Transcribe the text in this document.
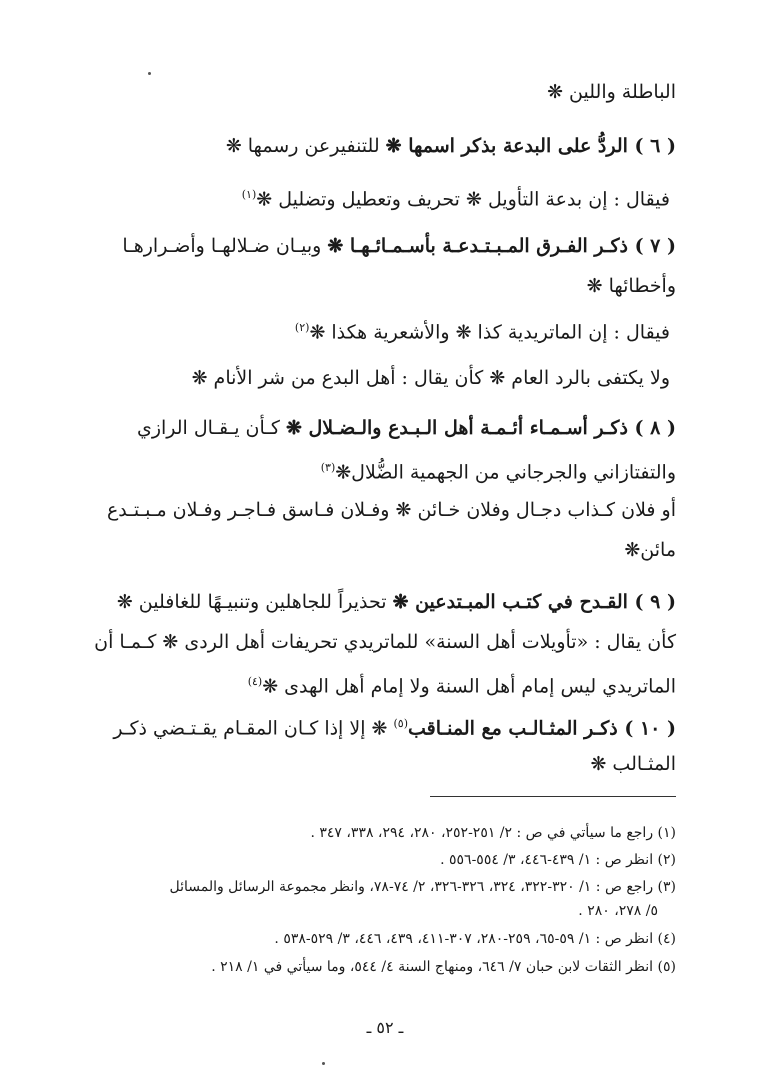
الباطلة واللين ❋
( ٦ ) الردُّ على البدعة بذكر اسمها ❋ للتنفيرعن رسمها ❋
فيقال : إن بدعة التأويل ❋ تحريف وتعطيل وتضليل ❋$^{(١)}$
( ٧ ) ذكـر الفـرق المـبـتـدعـة بأسـمـائـهـا ❋ وبيـان ضـلالهـا وأضـرارهـا
وأخطائها ❋
فيقال : إن الماتريدية كذا ❋ والأشعرية هكذا ❋$^{(٢)}$
ولا يكتفى بالرد العام ❋ كأن يقال : أهل البدع من شر الأنام ❋
( ٨ ) ذكـر أسـمـاء أئـمـة أهل الـبـدع والـضـلال ❋ كـأن يـقـال الرازي
والتفتازاني والجرجاني من الجهمية الضُّلال❋$^{(٣)}$
أو فلان كـذاب دجـال وفلان خـائن ❋ وفـلان فـاسق فـاجـر وفـلان مـبـتـدع
مائن❋
( ٩ ) القـدح في كتـب المبـتدعين ❋ تحذيراً للجاهلين وتنبيـهًا للغافلين ❋
كأن يقال : «تأويلات أهل السنة» للماتريدي تحريفات أهل الردى ❋ كـمـا أن
الماتريدي ليس إمام أهل السنة ولا إمام أهل الهدى ❋$^{(٤)}$
( ١٠ ) ذكـر المثـالـب مع المنـاقب$^{(٥)}$ ❋ إلا إذا كـان المقـام يقـتـضي ذكـر
المثـالب ❋
(١) راجع ما سيأتي في ص : ٢/ ٢٥١-٢٥٢، ٢٨٠، ٢٩٤، ٣٣٨، ٣٤٧ .
(٢) انظر ص : ١/ ٤٣٩-٤٤٦، ٣/ ٥٥٤-٥٥٦ .
(٣) راجع ص : ١/ ٣٢٠-٣٢٢، ٣٢٤، ٣٢٦-٣٢٦، ٢/ ٧٤-٧٨، وانظر مجموعة الرسائل والمسائل
٥/ ٢٧٨، ٢٨٠ .
(٤) انظر ص : ١/ ٥٩-٦٥، ٢٥٩-٢٨٠، ٣٠٧-٤١١، ٤٣٩، ٤٤٦، ٣/ ٥٢٩-٥٣٨ .
(٥) انظر الثقات لابن حبان ٧/ ٦٤٦، ومنهاج السنة ٤/ ٥٤٤، وما سيأتي في ١/ ٢١٨ .
ـ ٥٢ ـ
